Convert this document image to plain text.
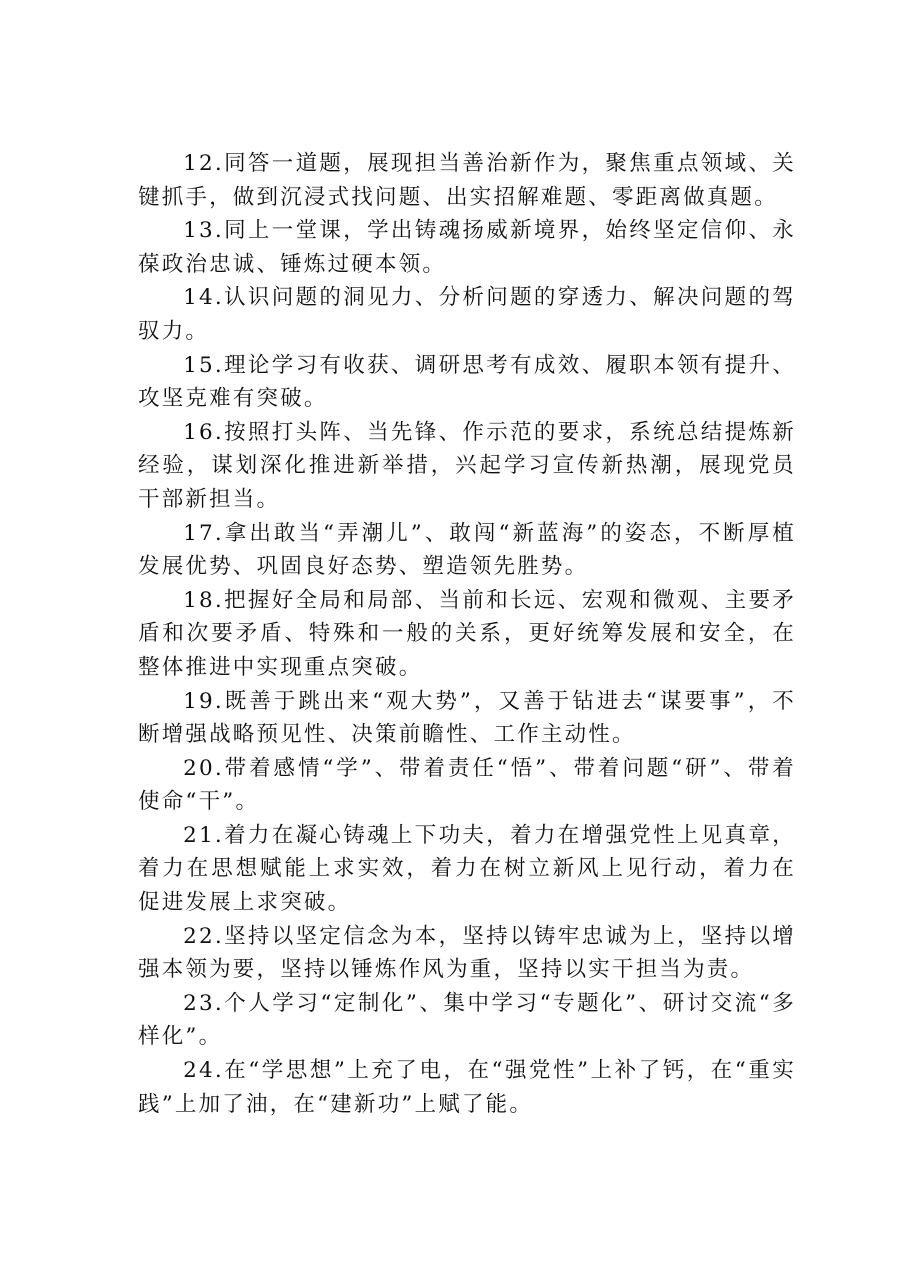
12.同答一道题，展现担当善治新作为，聚焦重点领域、关键抓手，做到沉浸式找问题、出实招解难题、零距离做真题。

13.同上一堂课，学出铸魂扬威新境界，始终坚定信仰、永葆政治忠诚、锤炼过硬本领。

14.认识问题的洞见力、分析问题的穿透力、解决问题的驾驭力。

15.理论学习有收获、调研思考有成效、履职本领有提升、攻坚克难有突破。

16.按照打头阵、当先锋、作示范的要求，系统总结提炼新经验，谋划深化推进新举措，兴起学习宣传新热潮，展现党员干部新担当。

17.拿出敢当“弄潮儿”、敢闯“新蓝海”的姿态，不断厚植发展优势、巩固良好态势、塑造领先胜势。

18.把握好全局和局部、当前和长远、宏观和微观、主要矛盾和次要矛盾、特殊和一般的关系，更好统筹发展和安全，在整体推进中实现重点突破。

19.既善于跳出来“观大势”，又善于钻进去“谋要事”，不断增强战略预见性、决策前瞻性、工作主动性。

20.带着感情“学”、带着责任“悟”、带着问题“研”、带着使命“干”。

21.着力在凝心铸魂上下功夫，着力在增强党性上见真章，着力在思想赋能上求实效，着力在树立新风上见行动，着力在促进发展上求突破。

22.坚持以坚定信念为本，坚持以铸牢忠诚为上，坚持以增强本领为要，坚持以锤炼作风为重，坚持以实干担当为责。

23.个人学习“定制化”、集中学习“专题化”、研讨交流“多样化”。

24.在“学思想”上充了电，在“强党性”上补了钙，在“重实践”上加了油，在“建新功”上赋了能。
